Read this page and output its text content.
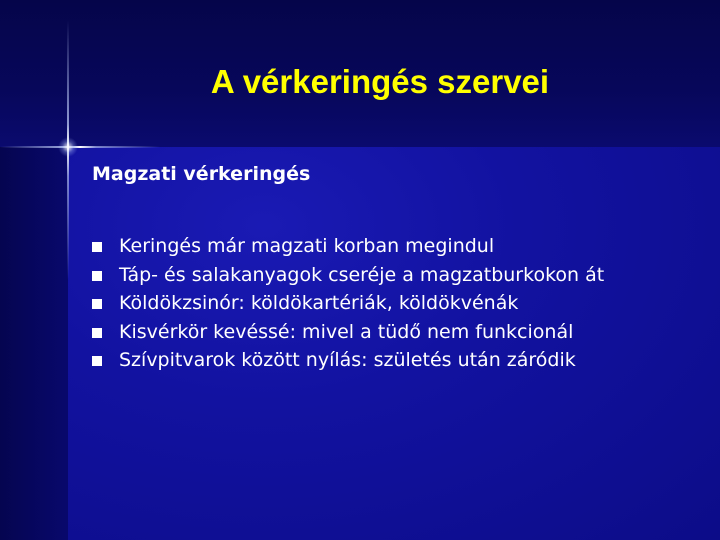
A vérkeringés szervei
Magzati vérkeringés
Keringés már magzati korban megindul
Táp- és salakanyagok cseréje a magzatburkokon át
Köldökzsinór: köldökartériák, köldökvénák
Kisvérkör kevéssé: mivel a tüdő nem funkcionál
Szívpitvarok között nyílás: születés után záródik
